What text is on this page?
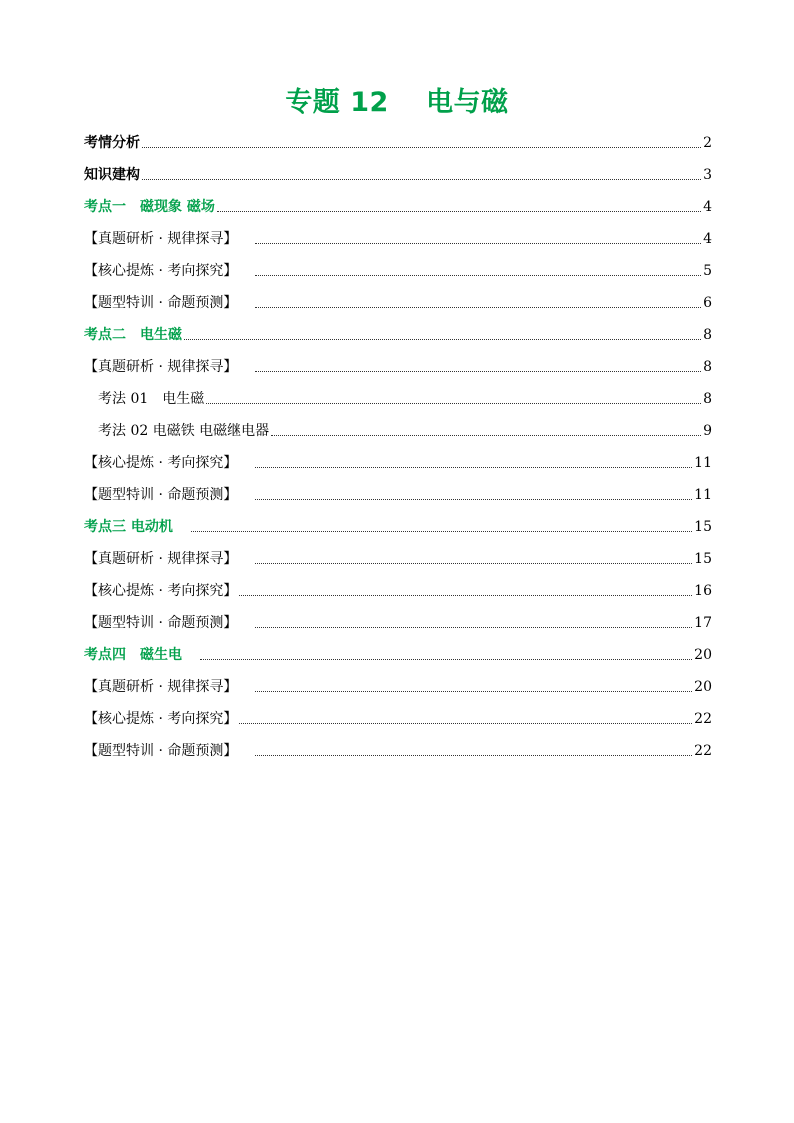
专题 12　 电与磁
考情分析	2
知识建构	3
考点一　磁现象 磁场	4
【真题研析 · 规律探寻】	4
【核心提炼 · 考向探究】	5
【题型特训 · 命题预测】	6
考点二　电生磁	8
【真题研析 · 规律探寻】	8
考法 01　电生磁	8
考法 02 电磁铁 电磁继电器	9
【核心提炼 · 考向探究】	11
【题型特训 · 命题预测】	11
考点三 电动机	15
【真题研析 · 规律探寻】	15
【核心提炼 · 考向探究】	16
【题型特训 · 命题预测】	17
考点四　磁生电	20
【真题研析 · 规律探寻】	20
【核心提炼 · 考向探究】	22
【题型特训 · 命题预测】	22
